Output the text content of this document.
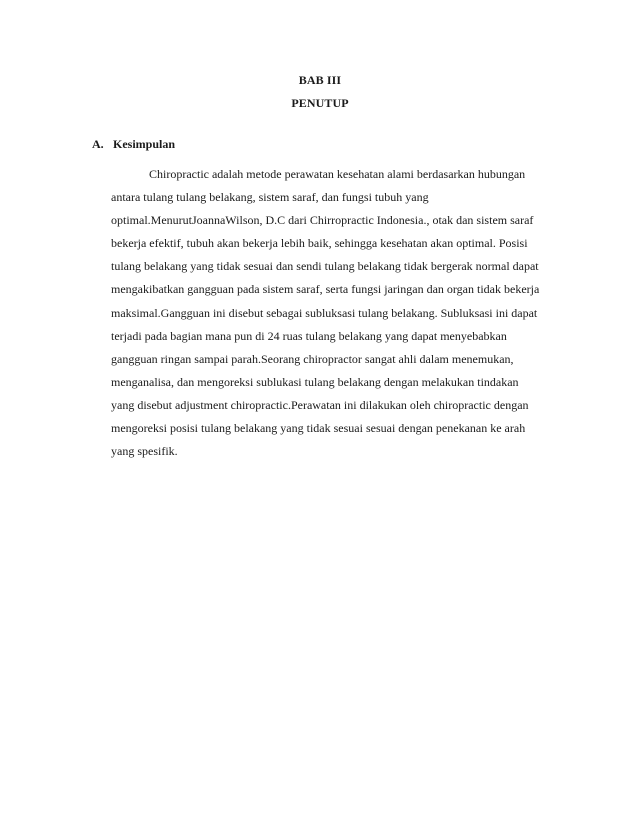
BAB III
PENUTUP
A. Kesimpulan
Chiropractic adalah metode perawatan kesehatan alami berdasarkan hubungan
antara tulang tulang belakang, sistem saraf, dan fungsi tubuh yang
optimal.MenurutJoannaWilson, D.C dari Chirropractic Indonesia., otak dan sistem saraf
bekerja efektif, tubuh akan bekerja lebih baik, sehingga kesehatan akan optimal. Posisi
tulang belakang yang tidak sesuai dan sendi tulang belakang tidak bergerak normal dapat
mengakibatkan gangguan pada sistem saraf, serta fungsi jaringan dan organ tidak bekerja
maksimal.Gangguan ini disebut sebagai subluksasi tulang belakang. Subluksasi ini dapat
terjadi pada bagian mana pun di 24 ruas tulang belakang yang dapat menyebabkan
gangguan ringan sampai parah.Seorang chiropractor sangat ahli dalam menemukan,
menganalisa, dan mengoreksi sublukasi tulang belakang dengan melakukan tindakan
yang disebut adjustment chiropractic.Perawatan ini dilakukan oleh chiropractic dengan
mengoreksi posisi tulang belakang yang tidak sesuai sesuai dengan penekanan ke arah
yang spesifik.
